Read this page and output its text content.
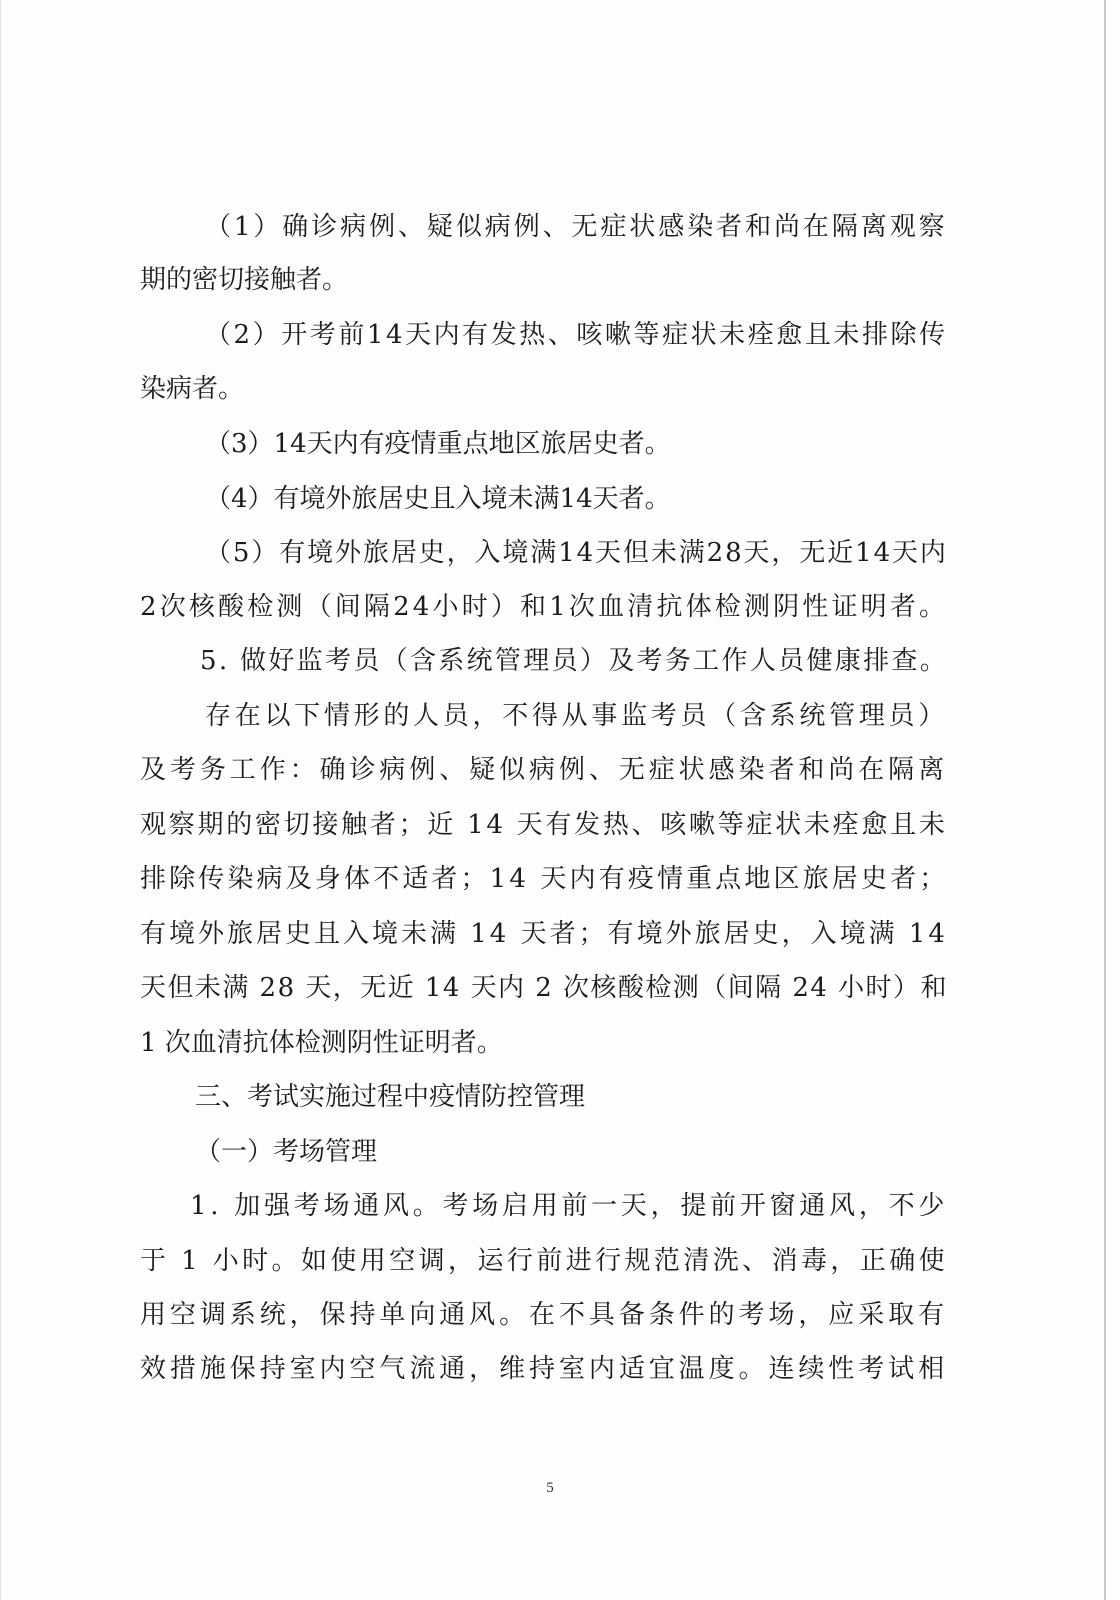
（1）确诊病例、疑似病例、无症状感染者和尚在隔离观察
期的密切接触者。
（2）开考前14天内有发热、咳嗽等症状未痊愈且未排除传
染病者。
（3）14天内有疫情重点地区旅居史者。
（4）有境外旅居史且入境未满14天者。
（5）有境外旅居史，入境满14天但未满28天，无近14天内
2次核酸检测（间隔24小时）和1次血清抗体检测阴性证明者。
5. 做好监考员（含系统管理员）及考务工作人员健康排查。
存在以下情形的人员，不得从事监考员（含系统管理员）
及考务工作：确诊病例、疑似病例、无症状感染者和尚在隔离
观察期的密切接触者；近 14 天有发热、咳嗽等症状未痊愈且未
排除传染病及身体不适者；14 天内有疫情重点地区旅居史者；
有境外旅居史且入境未满 14 天者；有境外旅居史，入境满 14
天但未满 28 天，无近 14 天内 2 次核酸检测（间隔 24 小时）和
1 次血清抗体检测阴性证明者。
三、考试实施过程中疫情防控管理
（一）考场管理
1. 加强考场通风。考场启用前一天，提前开窗通风，不少
于 1 小时。如使用空调，运行前进行规范清洗、消毒，正确使
用空调系统，保持单向通风。在不具备条件的考场，应采取有
效措施保持室内空气流通，维持室内适宜温度。连续性考试相
5
